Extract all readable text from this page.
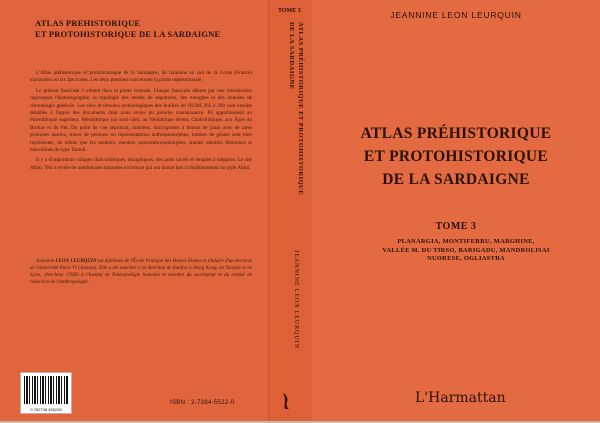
ATLAS PREHISTORIQUE
ET PROTOHISTORIQUE DE LA SARDAIGNE

L'Atlas préhistorique et protohistorique de la Sardaigne, île italienne au sud de la Corse (France) s'articulera en six fascicules. Les deux premiers concernent la partie septentrionale.

Le présent fascicule 3 s'étend dans la partie centrale. Chaque fascicule débute par une introduction regroupant l'historiographie, la typologie des modes de sépultures, des nuraghes et des données de chronologie générale. Les sites et témoins archéologiques des feuilles de l'IGMI 205 à 208 sont ensuite détaillés à l'appui des documents dont nous avons pu prendre connaissance. Ils appartiennent au Paléolithique supérieur, Mésolithique (ou sexé site), au Néolithique récent, Chalcolithique, aux Âges du Bronze et du Fer. Du point de vue sépulcral, dolmens, microgrottes à domus de janas avec de rares protomes taurins, traces de peinture ou représentations anthropomorphes, tombes de géants sont bien représentés, de même que les menhirs, menhirs protoanthropomorphes, statues menhirs féminines et masculines du type Tamuli.

Il y a d'importants villages chalcolithiques, nuraghiques, des puits sacrés et temples à mégaron. Le site Abini, Teti a révélé de nombreuses statuettes en bronze qui ont donné lieu à l'établissement du style Abini.

Jeannine LEON LEURQUIN est diplômée de l'École Pratique des Hautes Études et titulaire d'un doctorat de l'université Paris VI (Jussieu). Elle a été attachée à la direction de fouilles à Hong Kong, en Turquie et en Syrie, chercheur CNRS à l'Institut de Paléontologie humaine et membre du secrétariat et du comité de rédaction de l'Anthropologie.
9 782738 455228
ISBN : 2-7384-5522-0
TOME 3
ATLAS PRÉHISTORIQUE ET PROTOHISTORIQUE
DE LA SARDAIGNE
JEANNINE LEON LEURQUIN
JEANNINE LEON LEURQUIN
ATLAS PRÉHISTORIQUE
ET PROTOHISTORIQUE
DE LA SARDAIGNE
TOME 3
PLANARGIA, MONTIFERRU, MARGHINE,
VALLÉE M. DU TIRSO, BARIGADU, MANDROLISAI
NUORESE, OGLIASTRA
L'Harmattan
